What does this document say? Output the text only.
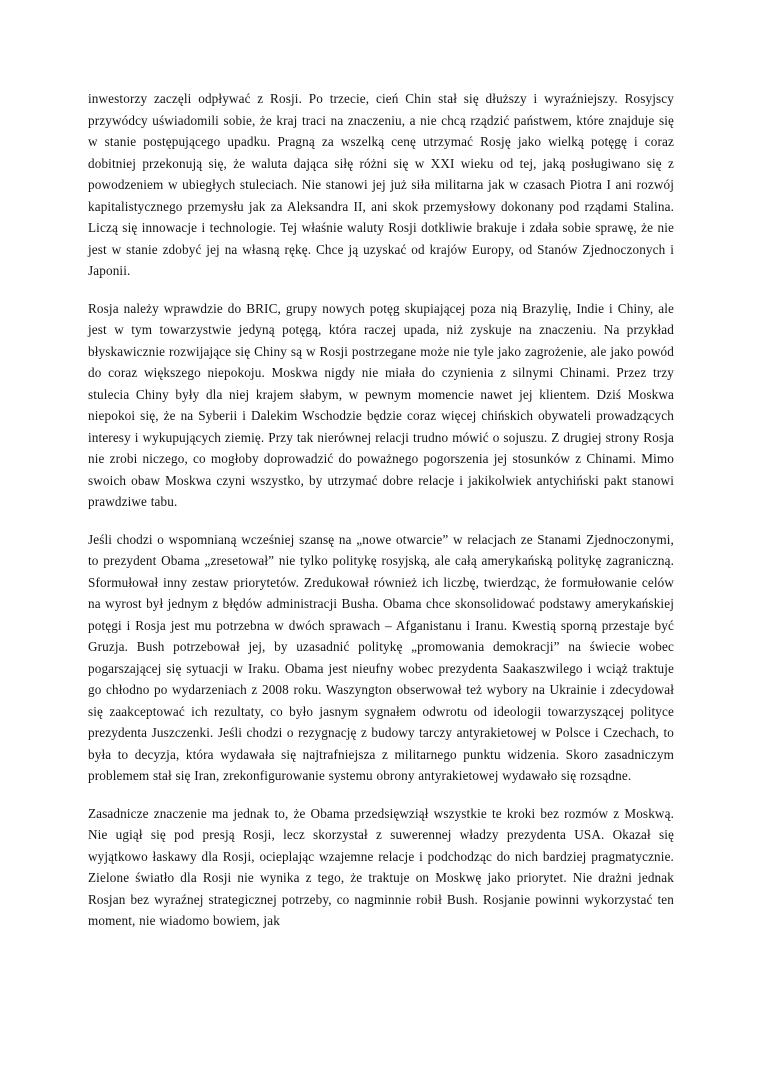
inwestorzy zaczęli odpływać z Rosji. Po trzecie, cień Chin stał się dłuższy i wyraźniejszy. Rosyjscy przywódcy uświadomili sobie, że kraj traci na znaczeniu, a nie chcą rządzić państwem, które znajduje się w stanie postępującego upadku. Pragną za wszelką cenę utrzymać Rosję jako wielką potęgę i coraz dobitniej przekonują się, że waluta dająca siłę różni się w XXI wieku od tej, jaką posługiwano się z powodzeniem w ubiegłych stuleciach. Nie stanowi jej już siła militarna jak w czasach Piotra I ani rozwój kapitalistycznego przemysłu jak za Aleksandra II, ani skok przemysłowy dokonany pod rządami Stalina. Liczą się innowacje i technologie. Tej właśnie waluty Rosji dotkliwie brakuje i zdała sobie sprawę, że nie jest w stanie zdobyć jej na własną rękę. Chce ją uzyskać od krajów Europy, od Stanów Zjednoczonych i Japonii.

Rosja należy wprawdzie do BRIC, grupy nowych potęg skupiającej poza nią Brazylię, Indie i Chiny, ale jest w tym towarzystwie jedyną potęgą, która raczej upada, niż zyskuje na znaczeniu. Na przykład błyskawicznie rozwijające się Chiny są w Rosji postrzegane może nie tyle jako zagrożenie, ale jako powód do coraz większego niepokoju. Moskwa nigdy nie miała do czynienia z silnymi Chinami. Przez trzy stulecia Chiny były dla niej krajem słabym, w pewnym momencie nawet jej klientem. Dziś Moskwa niepokoi się, że na Syberii i Dalekim Wschodzie będzie coraz więcej chińskich obywateli prowadzących interesy i wykupujących ziemię. Przy tak nierównej relacji trudno mówić o sojuszu. Z drugiej strony Rosja nie zrobi niczego, co mogłoby doprowadzić do poważnego pogorszenia jej stosunków z Chinami. Mimo swoich obaw Moskwa czyni wszystko, by utrzymać dobre relacje i jakikolwiek antychiński pakt stanowi prawdziwe tabu.

Jeśli chodzi o wspomnianą wcześniej szansę na „nowe otwarcie” w relacjach ze Stanami Zjednoczonymi, to prezydent Obama „zresetował” nie tylko politykę rosyjską, ale całą amerykańską politykę zagraniczną. Sformułował inny zestaw priorytetów. Zredukował również ich liczbę, twierdząc, że formułowanie celów na wyrost był jednym z błędów administracji Busha. Obama chce skonsolidować podstawy amerykańskiej potęgi i Rosja jest mu potrzebna w dwóch sprawach – Afganistanu i Iranu. Kwestią sporną przestaje być Gruzja. Bush potrzebował jej, by uzasadnić politykę „promowania demokracji” na świecie wobec pogarszającej się sytuacji w Iraku. Obama jest nieufny wobec prezydenta Saakaszwilego i wciąż traktuje go chłodno po wydarzeniach z 2008 roku. Waszyngton obserwował też wybory na Ukrainie i zdecydował się zaakceptować ich rezultaty, co było jasnym sygnałem odwrotu od ideologii towarzyszącej polityce prezydenta Juszczenki. Jeśli chodzi o rezygnację z budowy tarczy antyrakietowej w Polsce i Czechach, to była to decyzja, która wydawała się najtrafniejsza z militarnego punktu widzenia. Skoro zasadniczym problemem stał się Iran, zrekonfigurowanie systemu obrony antyrakietowej wydawało się rozsądne.

Zasadnicze znaczenie ma jednak to, że Obama przedsięwziął wszystkie te kroki bez rozmów z Moskwą. Nie ugiął się pod presją Rosji, lecz skorzystał z suwerennej władzy prezydenta USA. Okazał się wyjątkowo łaskawy dla Rosji, ocieplając wzajemne relacje i podchodząc do nich bardziej pragmatycznie. Zielone światło dla Rosji nie wynika z tego, że traktuje on Moskwę jako priorytet. Nie drażni jednak Rosjan bez wyraźnej strategicznej potrzeby, co nagminnie robił Bush. Rosjanie powinni wykorzystać ten moment, nie wiadomo bowiem, jak
